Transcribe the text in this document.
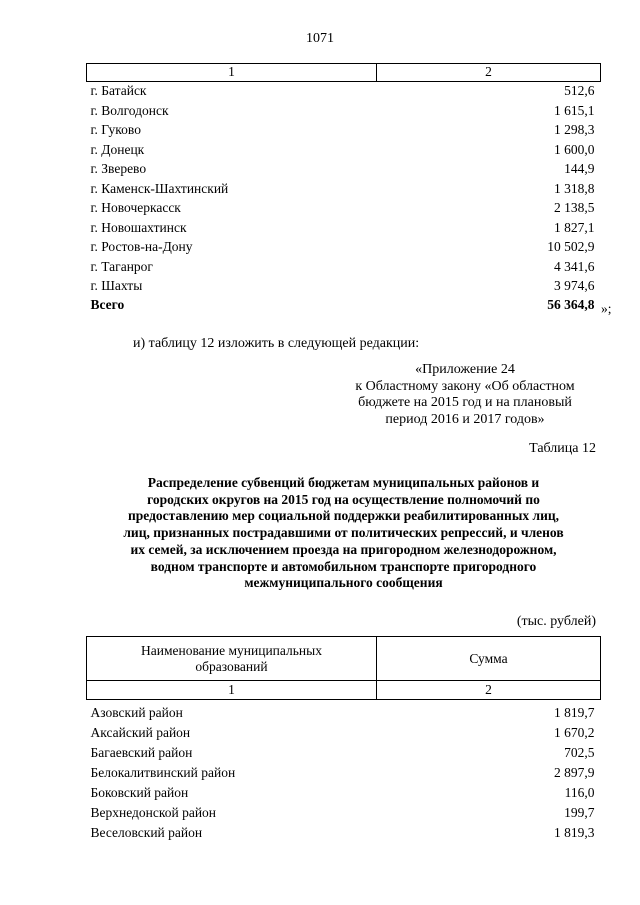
1071
1	2
г. Батайск	512,6
г. Волгодонск	1 615,1
г. Гуково	1 298,3
г. Донецк	1 600,0
г. Зверево	144,9
г. Каменск-Шахтинский	1 318,8
г. Новочеркасск	2 138,5
г. Новошахтинск	1 827,1
г. Ростов-на-Дону	10 502,9
г. Таганрог	4 341,6
г. Шахты	3 974,6
Всего	56 364,8 »;
и) таблицу 12 изложить в следующей редакции:
«Приложение 24
к Областному закону «Об областном
бюджете на 2015 год и на плановый
период 2016 и 2017 годов»
Таблица 12
Распределение субвенций бюджетам муниципальных районов и
городских округов на 2015 год на осуществление полномочий по
предоставлению мер социальной поддержки реабилитированных лиц,
лиц, признанных пострадавшими от политических репрессий, и членов
их семей, за исключением проезда на пригородном железнодорожном,
водном транспорте и автомобильном транспорте пригородного
межмуниципального сообщения
(тыс. рублей)
Наименование муниципальных
образований	Сумма
1	2

Азовский район	1 819,7
Аксайский район	1 670,2
Багаевский район	702,5
Белокалитвинский район	2 897,9
Боковский район	116,0
Верхнедонской район	199,7
Веселовский район	1 819,3
